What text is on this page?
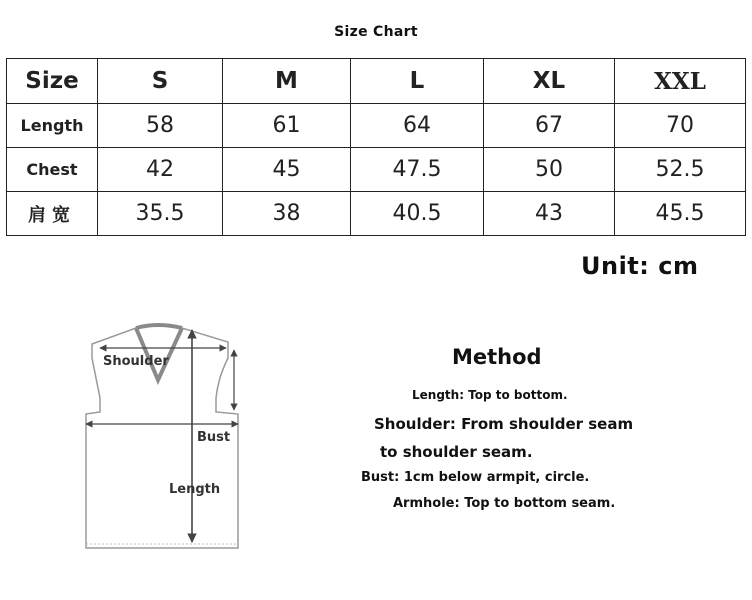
Size Chart
Size	S	M	L	XL	XXL
Length	58	61	64	67	70
Chest	42	45	47.5	50	52.5
肩宽	35.5	38	40.5	43	45.5
Unit: cm
Shoulder
Bust
Length
Method
Length: Top to bottom.
Shoulder: From shoulder seam
to shoulder seam.
Bust: 1cm below armpit, circle.
Armhole: Top to bottom seam.
